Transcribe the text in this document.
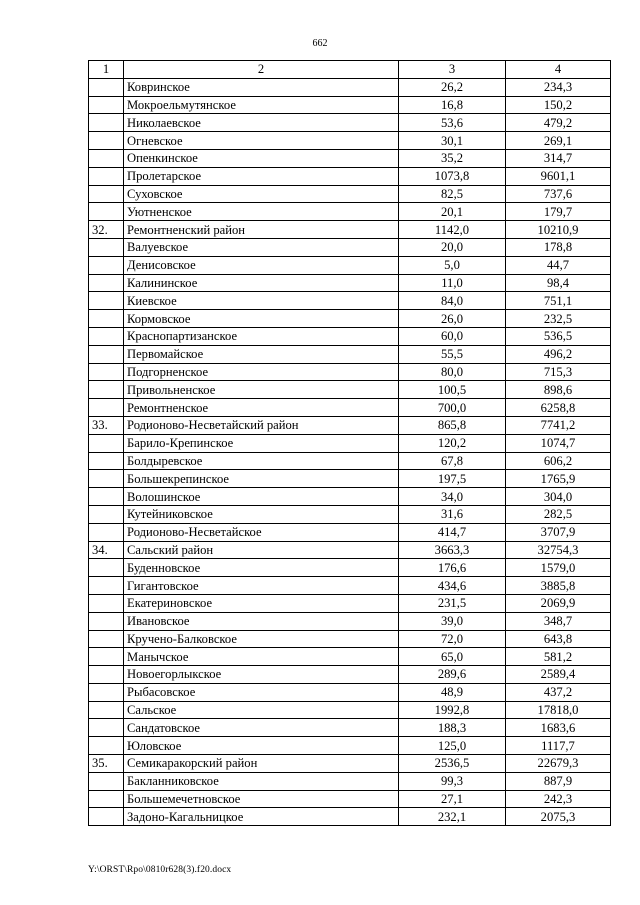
662
1	2	3	4
	Ковринское	26,2	234,3
	Мокроельмутянское	16,8	150,2
	Николаевское	53,6	479,2
	Огневское	30,1	269,1
	Опенкинское	35,2	314,7
	Пролетарское	1073,8	9601,1
	Суховское	82,5	737,6
	Уютненское	20,1	179,7
32.	Ремонтненский район	1142,0	10210,9
	Валуевское	20,0	178,8
	Денисовское	5,0	44,7
	Калининское	11,0	98,4
	Киевское	84,0	751,1
	Кормовское	26,0	232,5
	Краснопартизанское	60,0	536,5
	Первомайское	55,5	496,2
	Подгорненское	80,0	715,3
	Привольненское	100,5	898,6
	Ремонтненское	700,0	6258,8
33.	Родионово-Несветайский район	865,8	7741,2
	Барило-Крепинское	120,2	1074,7
	Болдыревское	67,8	606,2
	Большекрепинское	197,5	1765,9
	Волошинское	34,0	304,0
	Кутейниковское	31,6	282,5
	Родионово-Несветайское	414,7	3707,9
34.	Сальский район	3663,3	32754,3
	Буденновское	176,6	1579,0
	Гигантовское	434,6	3885,8
	Екатериновское	231,5	2069,9
	Ивановское	39,0	348,7
	Кручено-Балковское	72,0	643,8
	Манычское	65,0	581,2
	Новоегорлыкское	289,6	2589,4
	Рыбасовское	48,9	437,2
	Сальское	1992,8	17818,0
	Сандатовское	188,3	1683,6
	Юловское	125,0	1117,7
35.	Семикаракорский район	2536,5	22679,3
	Бакланниковское	99,3	887,9
	Большемечетновское	27,1	242,3
	Задоно-Кагальницкое	232,1	2075,3
Y:\ORST\Rpo\0810r628(3).f20.docx
